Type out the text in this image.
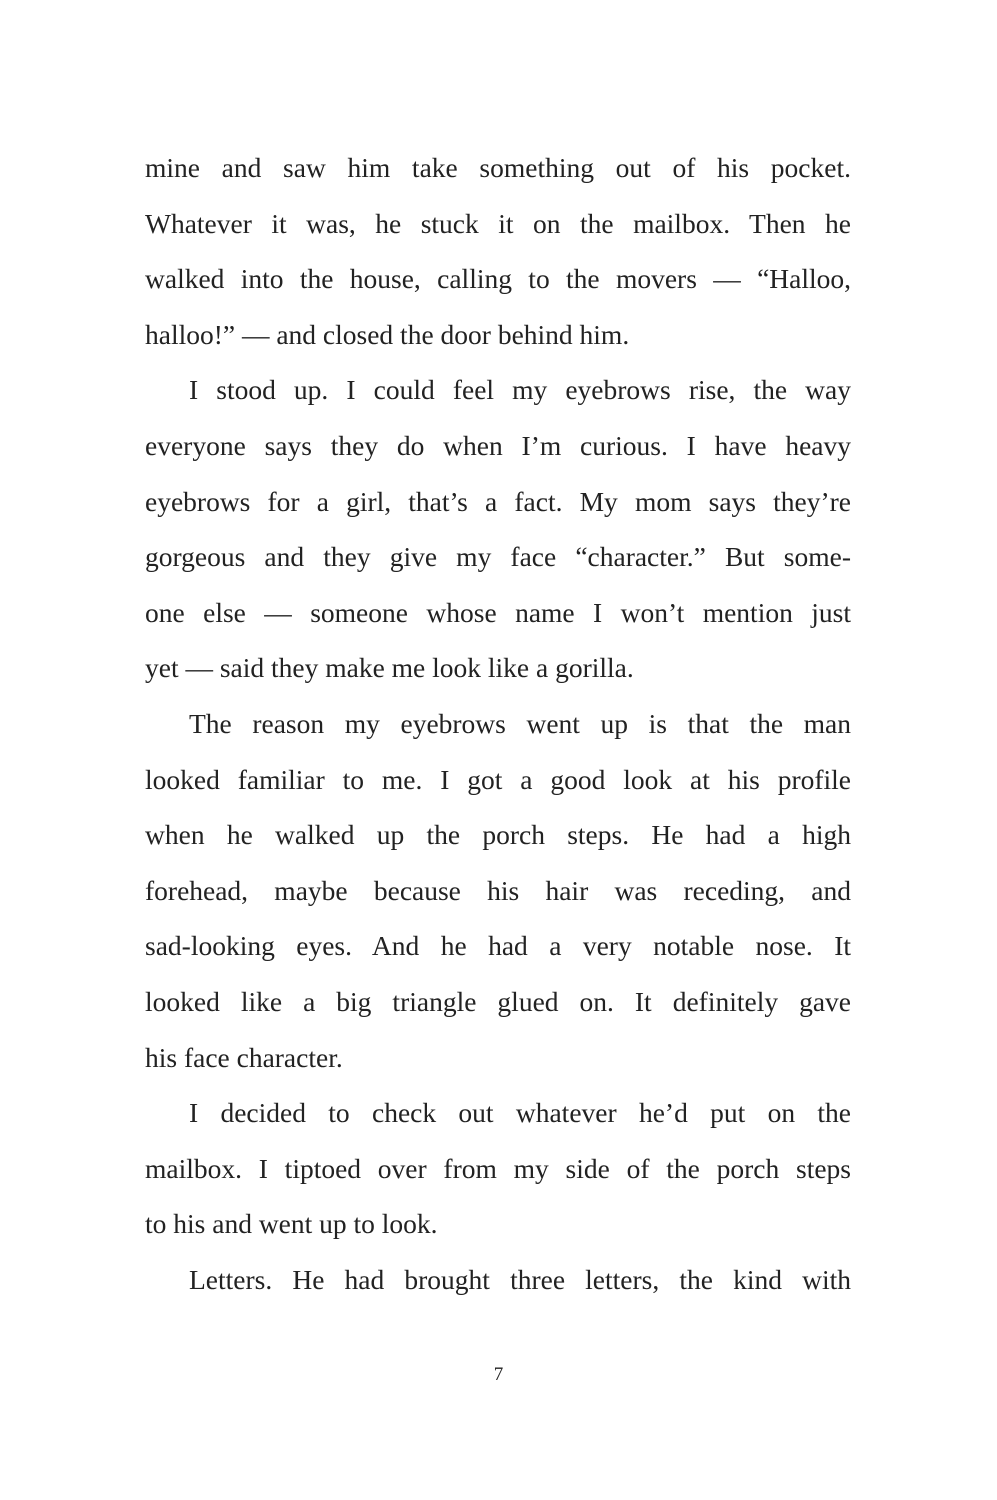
mine and saw him take something out of his pocket.
Whatever it was, he stuck it on the mailbox. Then he
walked into the house, calling to the movers — “Halloo,
halloo!” — and closed the door behind him.
I stood up. I could feel my eyebrows rise, the way
everyone says they do when I’m curious. I have heavy
eyebrows for a girl, that’s a fact. My mom says they’re
gorgeous and they give my face “character.” But some-
one else — someone whose name I won’t mention just
yet — said they make me look like a gorilla.
The reason my eyebrows went up is that the man
looked familiar to me. I got a good look at his profile
when he walked up the porch steps. He had a high
forehead, maybe because his hair was receding, and
sad-looking eyes. And he had a very notable nose. It
looked like a big triangle glued on. It definitely gave
his face character.
I decided to check out whatever he’d put on the
mailbox. I tiptoed over from my side of the porch steps
to his and went up to look.
Letters. He had brought three letters, the kind with
7
